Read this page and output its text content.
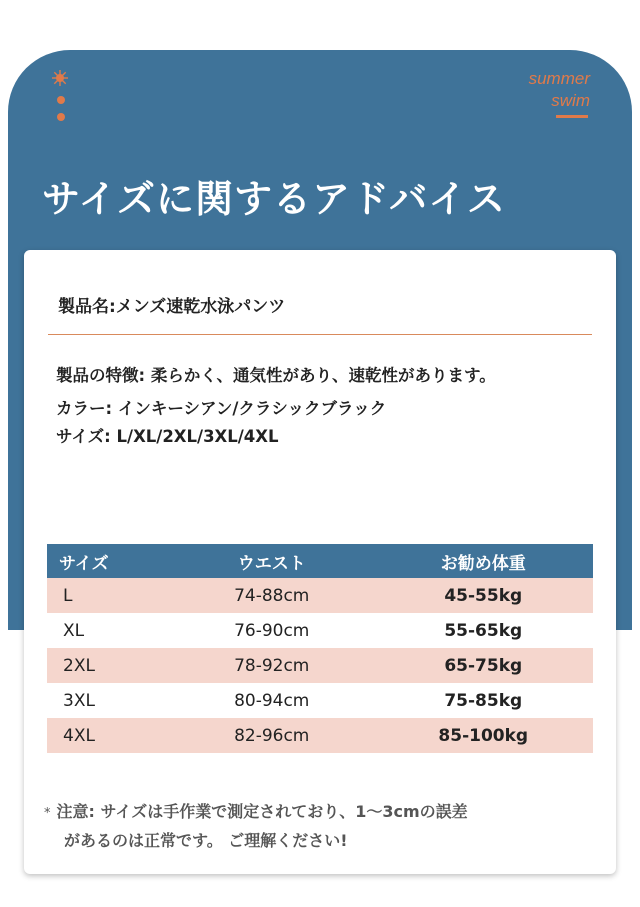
summer
swim
サイズに関するアドバイス
製品名:メンズ速乾水泳パンツ
製品の特徴: 柔らかく、通気性があり、速乾性があります。
カラー: インキーシアン/クラシックブラック
サイズ: L/XL/2XL/3XL/4XL
サイズ	ウエスト	お勧め体重
L	74-88cm	45-55kg
XL	76-90cm	55-65kg
2XL	78-92cm	65-75kg
3XL	80-94cm	75-85kg
4XL	82-96cm	85-100kg
* 注意: サイズは手作業で測定されており、1～3cmの誤差
があるのは正常です。 ご理解ください!
